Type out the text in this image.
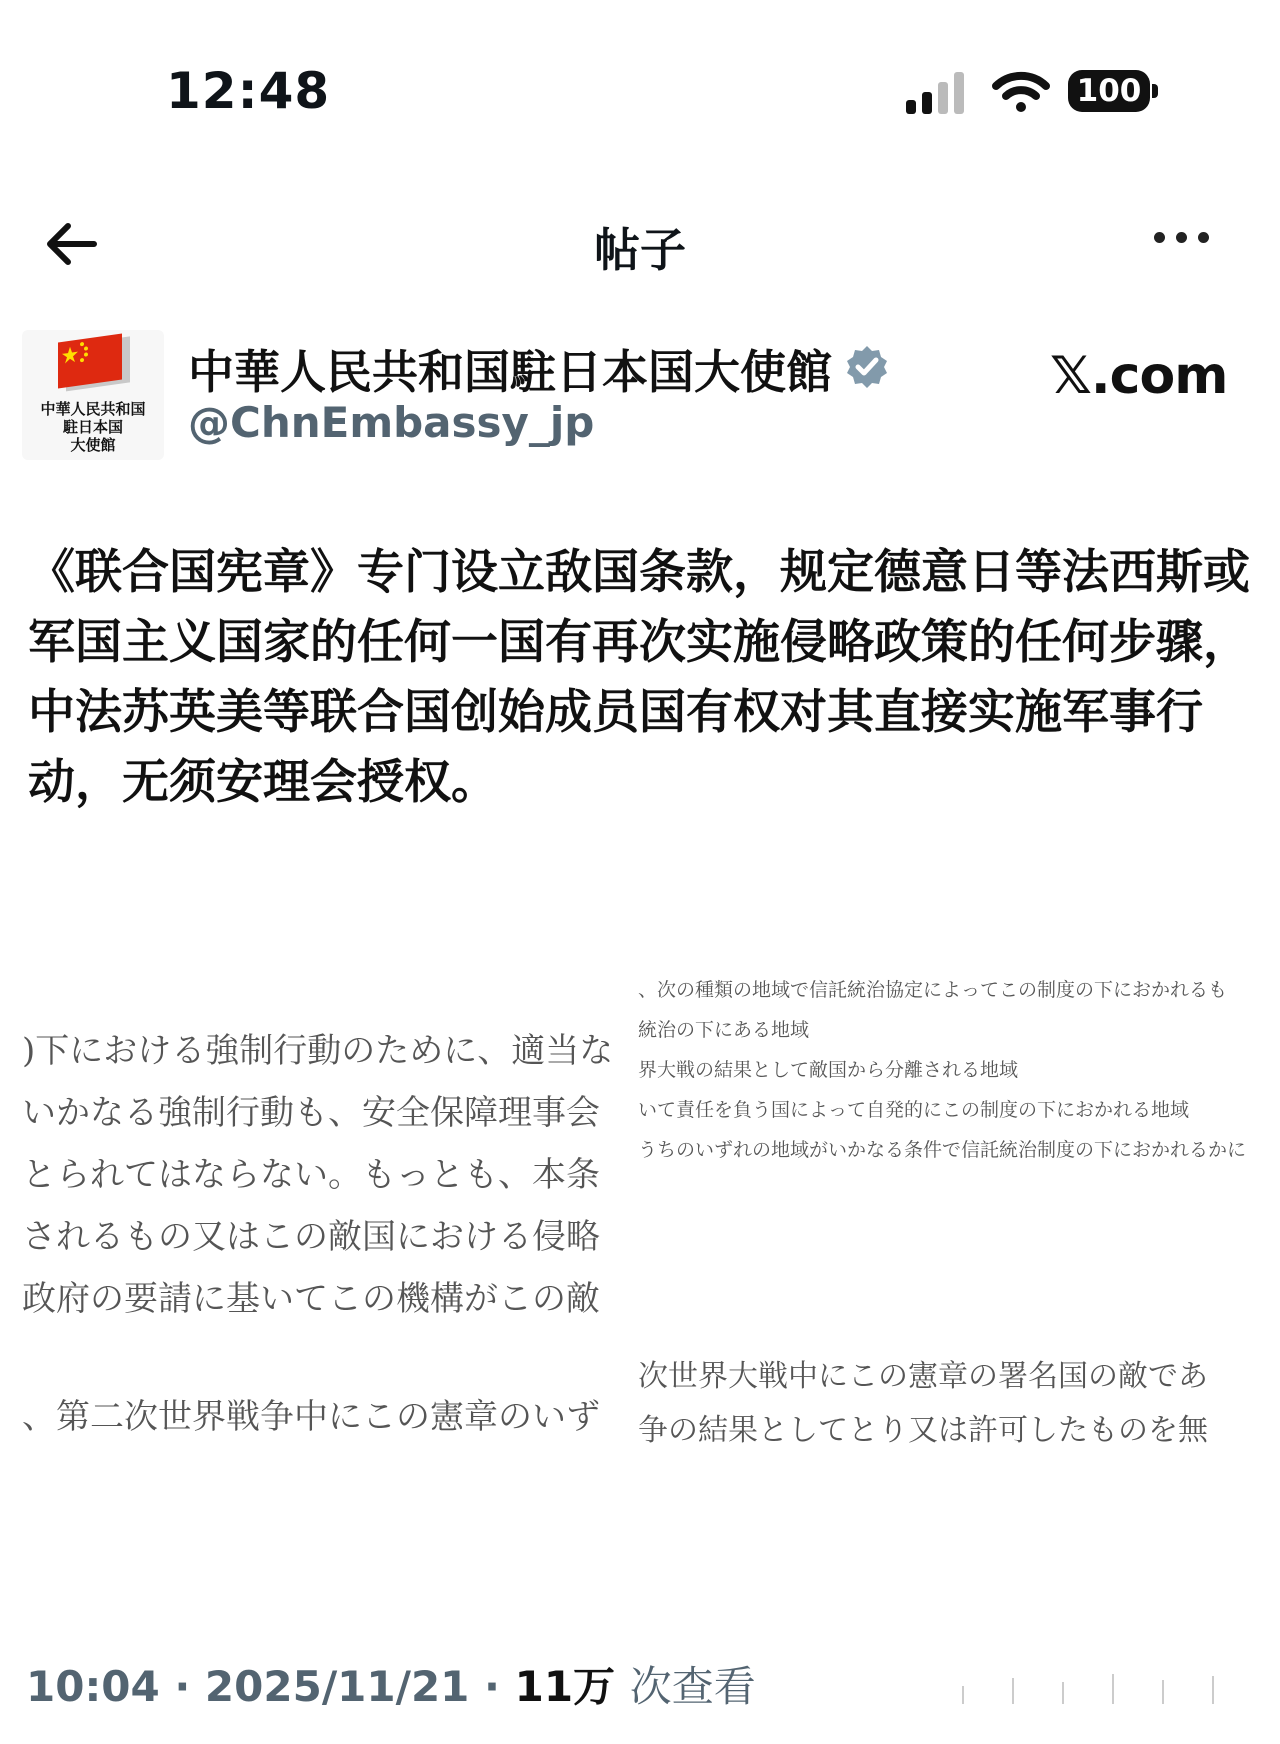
12:48	100
帖子
中華人民共和国
駐日本国
大使館
中華人民共和国駐日本国大使館
@ChnEmbassy_jp
𝕏.com
《联合国宪章》专门设立敌国条款，规定德意日等法西斯或军国主义国家的任何一国有再次实施侵略政策的任何步骤，中法苏英美等联合国创始成员国有权对其直接实施军事行动，无须安理会授权。
)下における強制行動のために、適当な
いかなる強制行動も、安全保障理事会
とられてはならない。もっとも、本条
されるもの又はこの敵国における侵略
政府の要請に基いてこの機構がこの敵
、第二次世界戦争中にこの憲章のいず
、次の種類の地域で信託統治協定によってこの制度の下におかれるも
統治の下にある地域
界大戦の結果として敵国から分離される地域
いて責任を負う国によって自発的にこの制度の下におかれる地域
うちのいずれの地域がいかなる条件で信託統治制度の下におかれるかに
次世界大戦中にこの憲章の署名国の敵であ
争の結果としてとり又は許可したものを無
10:04 · 2025/11/21 · 11万 次查看
